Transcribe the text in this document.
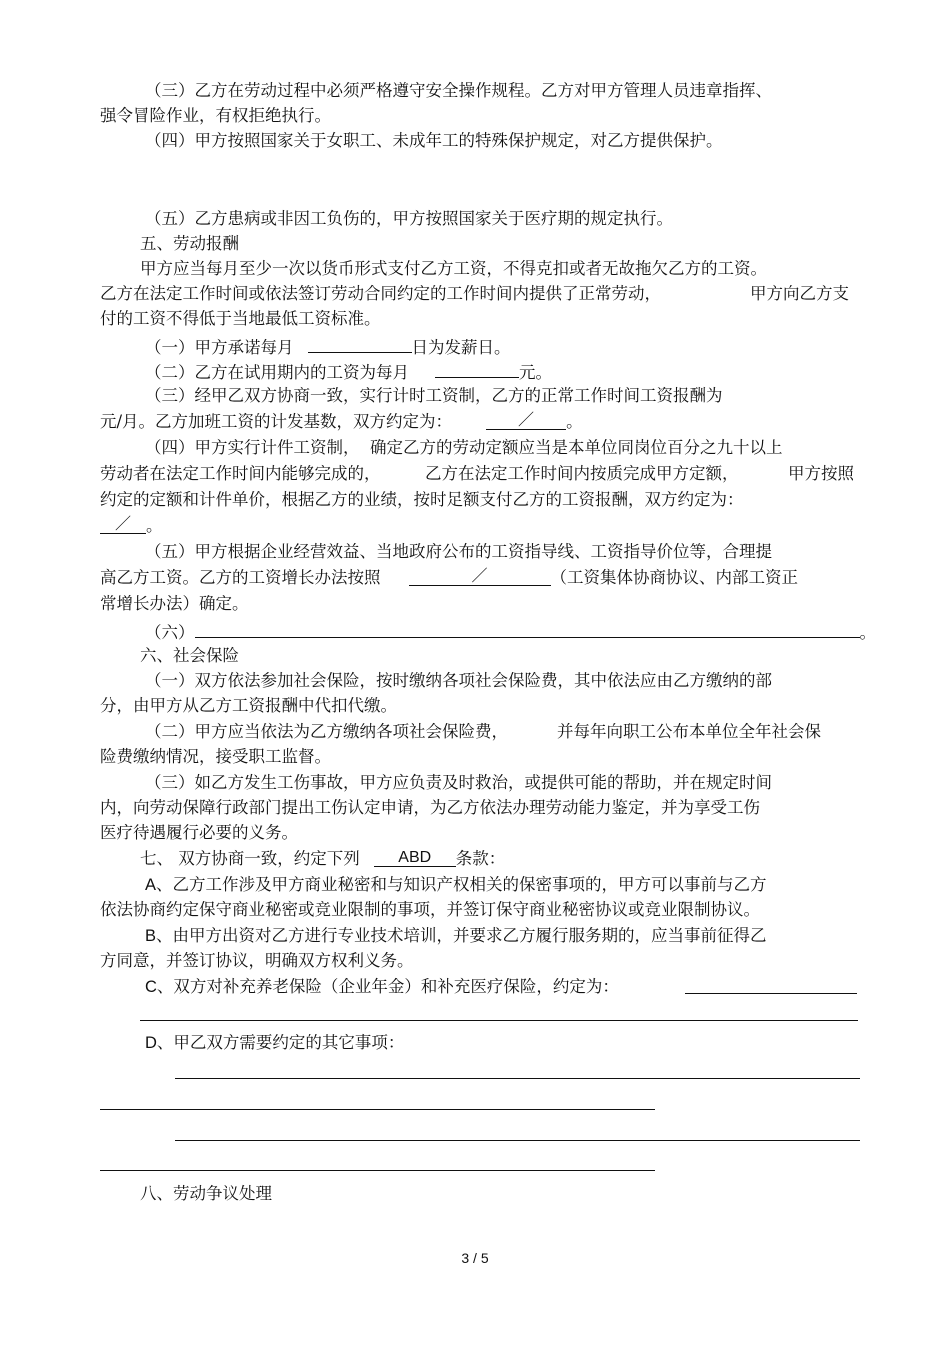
（三）乙方在劳动过程中必须严格遵守安全操作规程。乙方对甲方管理人员违章指挥、
强令冒险作业，有权拒绝执行。
（四）甲方按照国家关于女职工、未成年工的特殊保护规定，对乙方提供保护。
（五）乙方患病或非因工负伤的，甲方按照国家关于医疗期的规定执行。
五、劳动报酬
甲方应当每月至少一次以货币形式支付乙方工资，不得克扣或者无故拖欠乙方的工资。
乙方在法定工作时间或依法签订劳动合同约定的工作时间内提供了正常劳动，	甲方向乙方支
付的工资不得低于当地最低工资标准。
（一）甲方承诺每月	日为发薪日。
（二）乙方在试用期内的工资为每月	元。
（三）经甲乙双方协商一致，实行计时工资制，乙方的正常工作时间工资报酬为
元/月。乙方加班工资的计发基数，双方约定为：	／ 。
（四）甲方实行计件工资制， 确定乙方的劳动定额应当是本单位同岗位百分之九十以上
劳动者在法定工作时间内能够完成的，	乙方在法定工作时间内按质完成甲方定额，	甲方按照
约定的定额和计件单价，根据乙方的业绩，按时足额支付乙方的工资报酬，双方约定为：
／ 。
（五）甲方根据企业经营效益、当地政府公布的工资指导线、工资指导价位等，合理提
高乙方工资。乙方的工资增长办法按照	／	（工资集体协商协议、内部工资正
常增长办法）确定。
（六）	。
六、社会保险
（一）双方依法参加社会保险，按时缴纳各项社会保险费，其中依法应由乙方缴纳的部
分，由甲方从乙方工资报酬中代扣代缴。
（二）甲方应当依法为乙方缴纳各项社会保险费，	并每年向职工公布本单位全年社会保
险费缴纳情况，接受职工监督。
（三）如乙方发生工伤事故，甲方应负责及时救治，或提供可能的帮助，并在规定时间
内，向劳动保障行政部门提出工伤认定申请，为乙方依法办理劳动能力鉴定，并为享受工伤
医疗待遇履行必要的义务。
七、 双方协商一致，约定下列 ABD 条款：
A、乙方工作涉及甲方商业秘密和与知识产权相关的保密事项的，甲方可以事前与乙方
依法协商约定保守商业秘密或竞业限制的事项，并签订保守商业秘密协议或竞业限制协议。
B、由甲方出资对乙方进行专业技术培训，并要求乙方履行服务期的，应当事前征得乙
方同意，并签订协议，明确双方权利义务。
C、双方对补充养老保险（企业年金）和补充医疗保险，约定为：
D、甲乙双方需要约定的其它事项：
八、劳动争议处理
3 / 5
